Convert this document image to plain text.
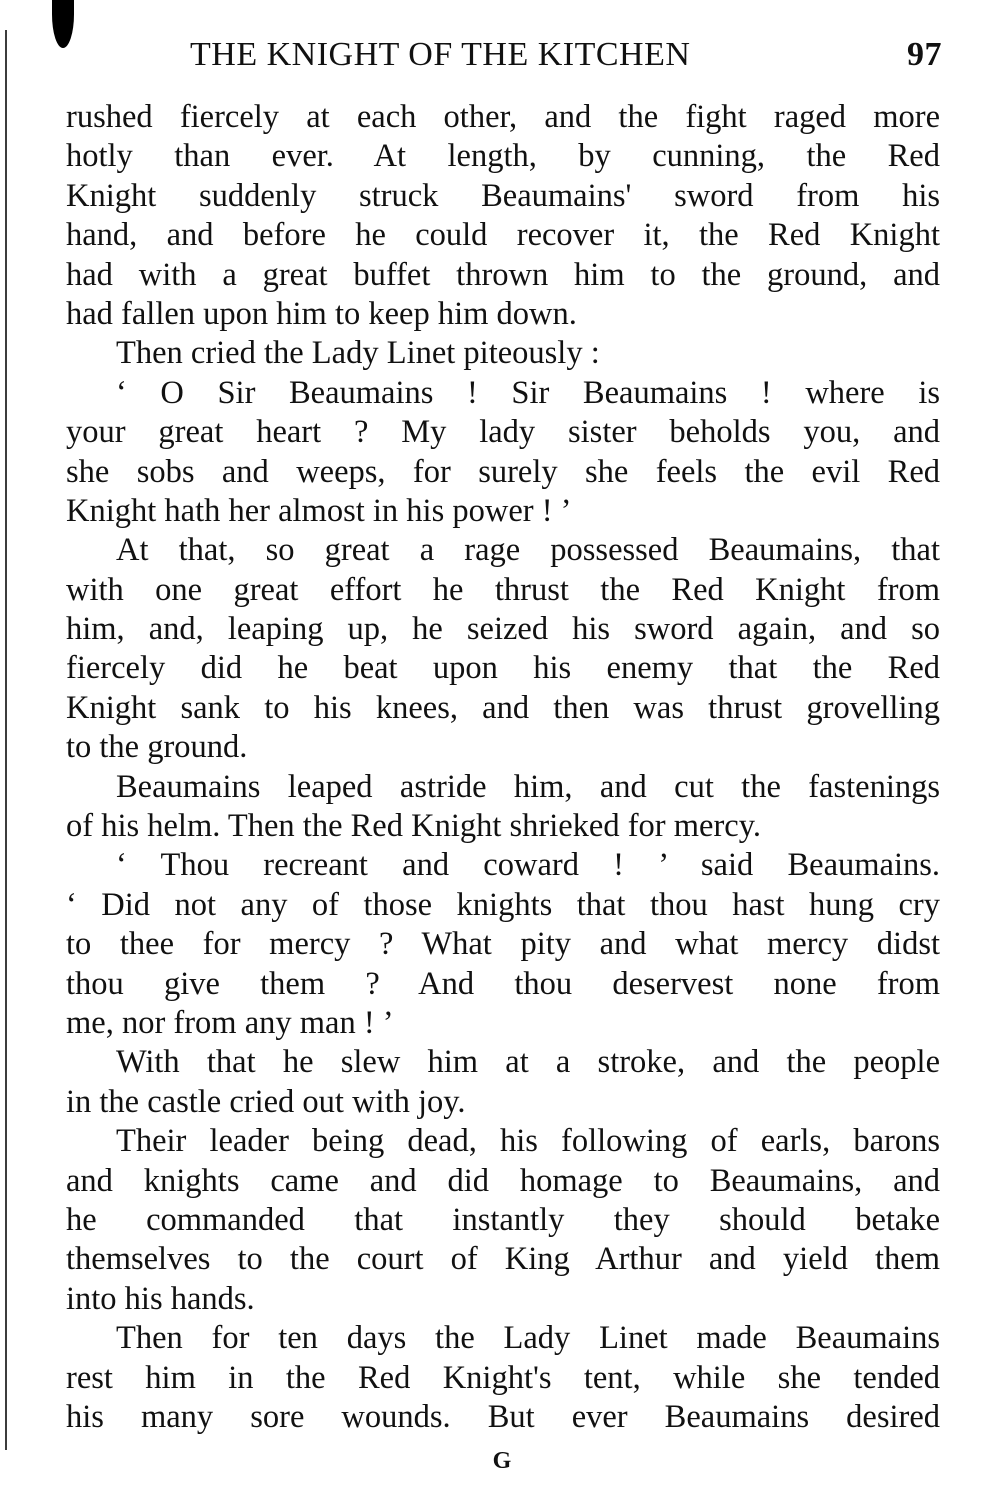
THE KNIGHT OF THE KITCHEN	97
rushed fiercely at each other, and the fight raged more
hotly than ever. At length, by cunning, the Red
Knight suddenly struck Beaumains' sword from his
hand, and before he could recover it, the Red Knight
had with a great buffet thrown him to the ground, and
had fallen upon him to keep him down.
Then cried the Lady Linet piteously :
‘ O Sir Beaumains ! Sir Beaumains ! where is
your great heart ? My lady sister beholds you, and
she sobs and weeps, for surely she feels the evil Red
Knight hath her almost in his power ! ’
At that, so great a rage possessed Beaumains, that
with one great effort he thrust the Red Knight from
him, and, leaping up, he seized his sword again, and so
fiercely did he beat upon his enemy that the Red
Knight sank to his knees, and then was thrust grovelling
to the ground.
Beaumains leaped astride him, and cut the fastenings
of his helm. Then the Red Knight shrieked for mercy.
‘ Thou recreant and coward ! ’ said Beaumains.
‘ Did not any of those knights that thou hast hung cry
to thee for mercy ? What pity and what mercy didst
thou give them ? And thou deservest none from
me, nor from any man ! ’
With that he slew him at a stroke, and the people
in the castle cried out with joy.
Their leader being dead, his following of earls, barons
and knights came and did homage to Beaumains, and
he commanded that instantly they should betake
themselves to the court of King Arthur and yield them
into his hands.
Then for ten days the Lady Linet made Beaumains
rest him in the Red Knight's tent, while she tended
his many sore wounds. But ever Beaumains desired
G
